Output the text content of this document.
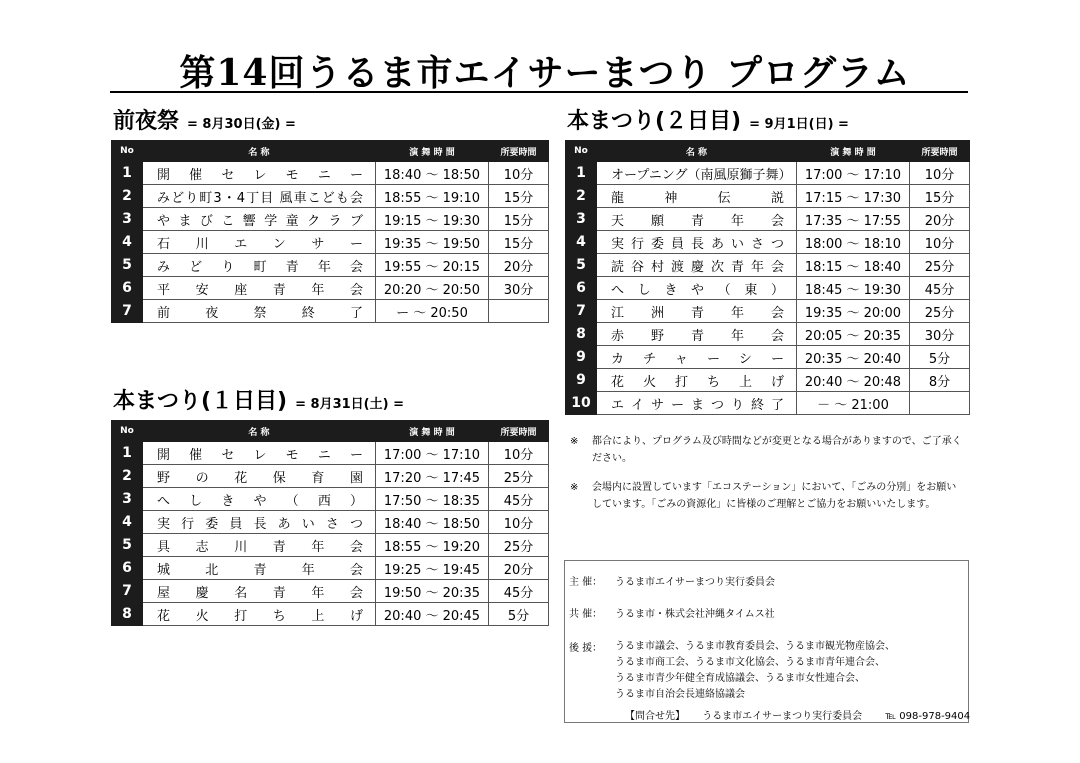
第14回うるま市エイサーまつり プログラム
前夜祭 = 8月30日(金) =
No	名 称	演 舞 時 間	所要時間
1	開催セレモニー	18:40 ～ 18:50	10分
2	みどり町3・4丁目 風車こども会	18:55 ～ 19:10	15分
3	やまびこ響学童クラブ	19:15 ～ 19:30	15分
4	石川エンサー	19:35 ～ 19:50	15分
5	みどり町青年会	19:55 ～ 20:15	20分
6	平安座青年会	20:20 ～ 20:50	30分
7	前夜祭終了	ー ～ 20:50	
本まつり(１日目) = 8月31日(土) =
No	名 称	演 舞 時 間	所要時間
1	開催セレモニー	17:00 ～ 17:10	10分
2	野の花保育園	17:20 ～ 17:45	25分
3	へしきや（西）	17:50 ～ 18:35	45分
4	実行委員長あいさつ	18:40 ～ 18:50	10分
5	具志川青年会	18:55 ～ 19:20	25分
6	城北青年会	19:25 ～ 19:45	20分
7	屋慶名青年会	19:50 ～ 20:35	45分
8	花火打ち上げ	20:40 ～ 20:45	5分
本まつり(２日目) = 9月1日(日) =
No	名 称	演 舞 時 間	所要時間
1	オープニング（南風原獅子舞）	17:00 ～ 17:10	10分
2	龍神伝説	17:15 ～ 17:30	15分
3	天願青年会	17:35 ～ 17:55	20分
4	実行委員長あいさつ	18:00 ～ 18:10	10分
5	読谷村渡慶次青年会	18:15 ～ 18:40	25分
6	へしきや（東）	18:45 ～ 19:30	45分
7	江洲青年会	19:35 ～ 20:00	25分
8	赤野青年会	20:05 ～ 20:35	30分
9	カチャーシー	20:35 ～ 20:40	5分
9	花火打ち上げ	20:40 ～ 20:48	8分
10	エイサーまつり終了	－ ～ 21:00	
※	都合により、プログラム及び時間などが変更となる場合がありますので、ご了承ください。
※	会場内に設置しています「エコステーション」において、「ごみの分別」をお願いしています。「ごみの資源化」に皆様のご理解とご協力をお願いいたします。
主 催： うるま市エイサーまつり実行委員会
共 催： うるま市・株式会社沖縄タイムス社
後 援： うるま市議会、うるま市教育委員会、うるま市観光物産協会、
うるま市商工会、うるま市文化協会、うるま市青年連合会、
うるま市青少年健全育成協議会、うるま市女性連合会、
うるま市自治会長連絡協議会
【問合せ先】 うるま市エイサーまつり実行委員会 ℡ 098-978-9404
